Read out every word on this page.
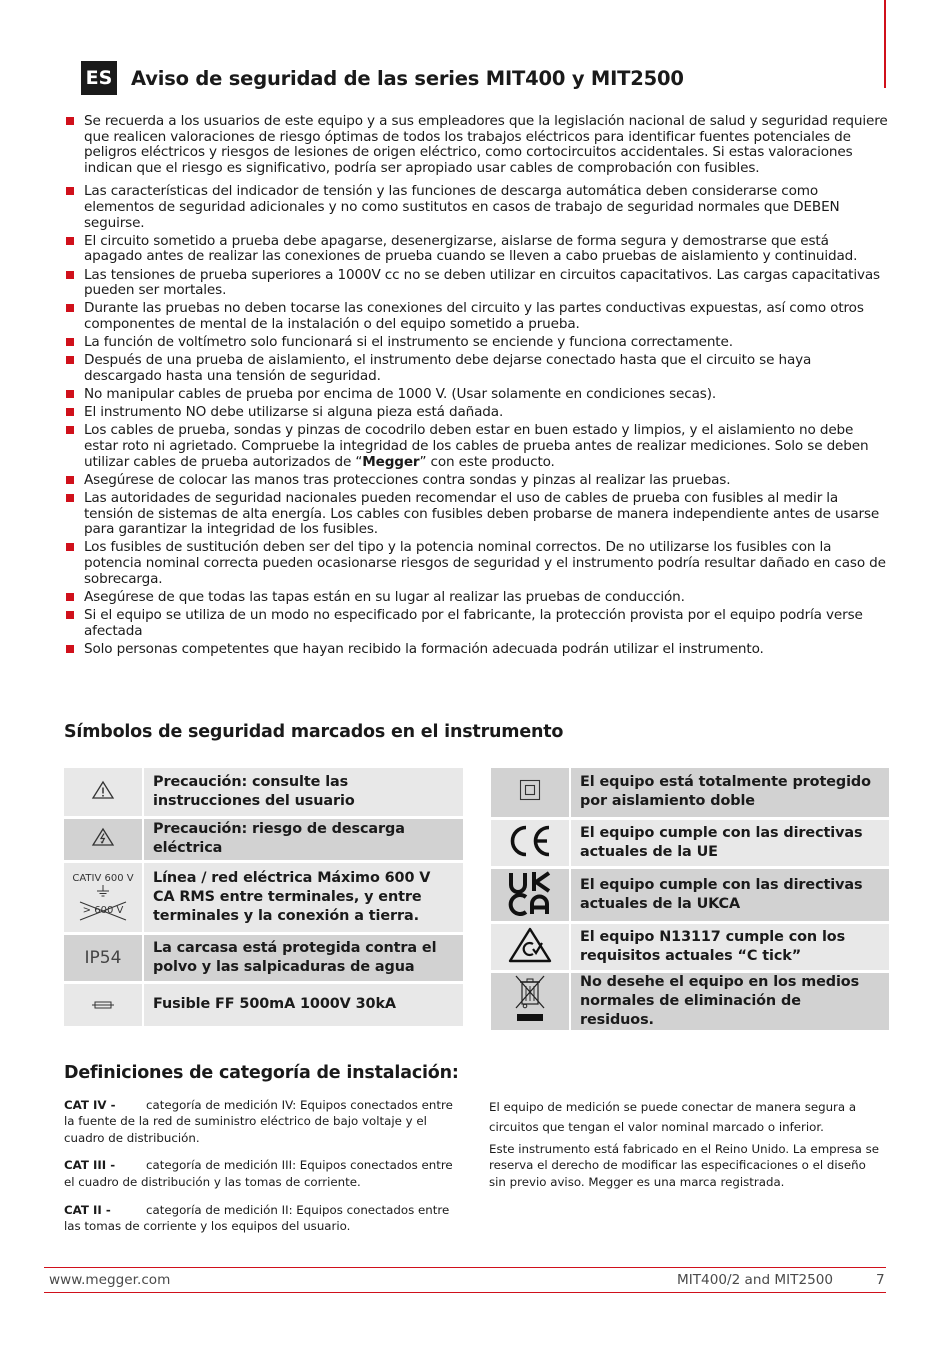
ES Aviso de seguridad de las series MIT400 y MIT2500
Se recuerda a los usuarios de este equipo y a sus empleadores que la legislación nacional de salud y seguridad requiere que realicen valoraciones de riesgo óptimas de todos los trabajos eléctricos para identificar fuentes potenciales de peligros eléctricos y riesgos de lesiones de origen eléctrico, como cortocircuitos accidentales. Si estas valoraciones indican que el riesgo es significativo, podría ser apropiado usar cables de comprobación con fusibles.
Las características del indicador de tensión y las funciones de descarga automática deben considerarse como elementos de seguridad adicionales y no como sustitutos en casos de trabajo de seguridad normales que DEBEN seguirse.
El circuito sometido a prueba debe apagarse, desenergizarse, aislarse de forma segura y demostrarse que está apagado antes de realizar las conexiones de prueba cuando se lleven a cabo pruebas de aislamiento y continuidad.
Las tensiones de prueba superiores a 1000V cc no se deben utilizar en circuitos capacitativos. Las cargas capacitativas pueden ser mortales.
Durante las pruebas no deben tocarse las conexiones del circuito y las partes conductivas expuestas, así como otros componentes de mental de la instalación o del equipo sometido a prueba.
La función de voltímetro solo funcionará si el instrumento se enciende y funciona correctamente.
Después de una prueba de aislamiento, el instrumento debe dejarse conectado hasta que el circuito se haya descargado hasta una tensión de seguridad.
No manipular cables de prueba por encima de 1000 V. (Usar solamente en condiciones secas).
El instrumento NO debe utilizarse si alguna pieza está dañada.
Los cables de prueba, sondas y pinzas de cocodrilo deben estar en buen estado y limpios, y el aislamiento no debe estar roto ni agrietado. Compruebe la integridad de los cables de prueba antes de realizar mediciones. Solo se deben utilizar cables de prueba autorizados de “Megger” con este producto.
Asegúrese de colocar las manos tras protecciones contra sondas y pinzas al realizar las pruebas.
Las autoridades de seguridad nacionales pueden recomendar el uso de cables de prueba con fusibles al medir la tensión de sistemas de alta energía. Los cables con fusibles deben probarse de manera independiente antes de usarse para garantizar la integridad de los fusibles.
Los fusibles de sustitución deben ser del tipo y la potencia nominal correctos. De no utilizarse los fusibles con la potencia nominal correcta pueden ocasionarse riesgos de seguridad y el instrumento podría resultar dañado en caso de sobrecarga.
Asegúrese de que todas las tapas están en su lugar al realizar las pruebas de conducción.
Si el equipo se utiliza de un modo no especificado por el fabricante, la protección provista por el equipo podría verse afectada
Solo personas competentes que hayan recibido la formación adecuada podrán utilizar el instrumento.
Símbolos de seguridad marcados en el instrumento
	Precaución: consulte las instrucciones del usuario
	Precaución: riesgo de descarga eléctrica

CATIV 600 V
> 600 V	Línea / red eléctrica Máximo 600 V CA RMS entre terminales, y entre terminales y la conexión a tierra.
IP54	La carcasa está protegida contra el polvo y las salpicaduras de agua
	Fusible FF 500mA 1000V 30kA
	El equipo está totalmente protegido por aislamiento doble
	El equipo cumple con las directivas actuales de la UE
	El equipo cumple con las directivas actuales de la UKCA
	El equipo N13117 cumple con los requisitos actuales “C tick”
	No desehe el equipo en los medios normales de eliminación de residuos.
Definiciones de categoría de instalación:

CAT IV -	categoría de medición IV: Equipos conectados entre la fuente de la red de suministro eléctrico de bajo voltaje y el cuadro de distribución.

CAT III -	categoría de medición III: Equipos conectados entre el cuadro de distribución y las tomas de corriente.

CAT II -	categoría de medición II: Equipos conectados entre las tomas de corriente y los equipos del usuario.

El equipo de medición se puede conectar de manera segura a circuitos que tengan el valor nominal marcado o inferior.

Este instrumento está fabricado en el Reino Unido. La empresa se reserva el derecho de modificar las especificaciones o el diseño sin previo aviso. Megger es una marca registrada.

www.megger.com	MIT400/2 and MIT2500	7
